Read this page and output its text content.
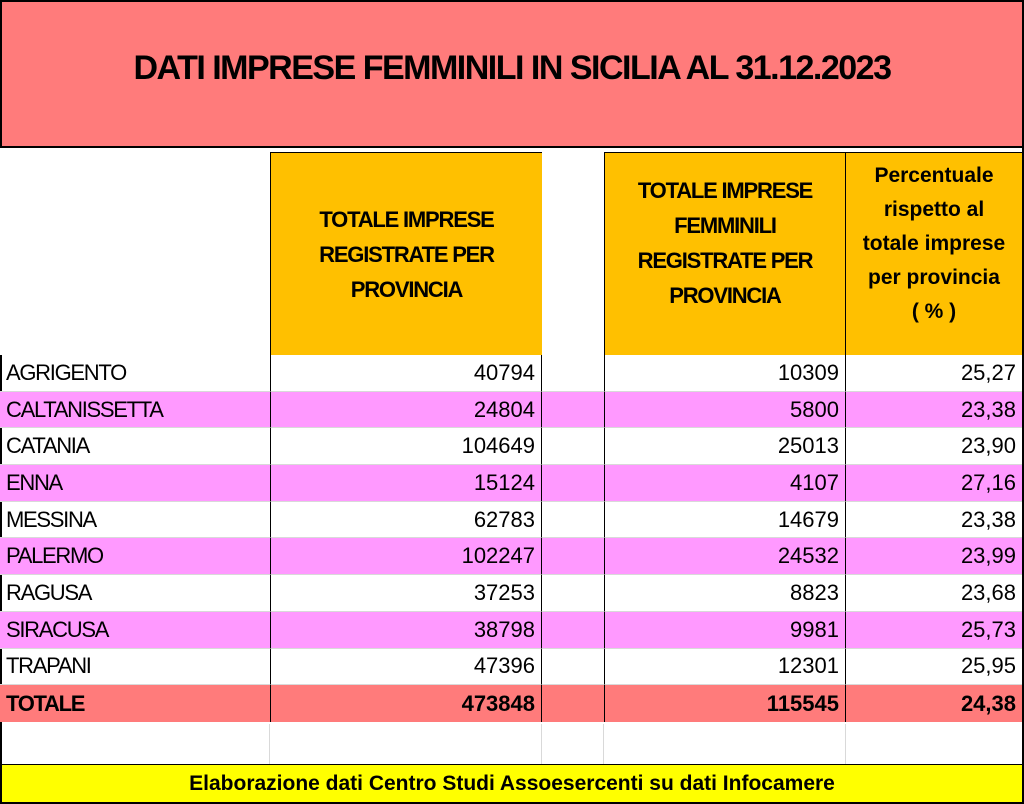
DATI IMPRESE FEMMINILI IN SICILIA AL 31.12.2023
TOTALE IMPRESE
REGISTRATE PER
PROVINCIA
TOTALE IMPRESE
FEMMINILI
REGISTRATE PER
PROVINCIA
Percentuale
rispetto al
totale imprese
per provincia
( % )
AGRIGENTO	40794	10309	25,27
CALTANISSETTA	24804	5800	23,38
CATANIA	104649	25013	23,90
ENNA	15124	4107	27,16
MESSINA	62783	14679	23,38
PALERMO	102247	24532	23,99
RAGUSA	37253	8823	23,68
SIRACUSA	38798	9981	25,73
TRAPANI	47396	12301	25,95
TOTALE	473848	115545	24,38
Elaborazione dati Centro Studi Assoesercenti su dati Infocamere
